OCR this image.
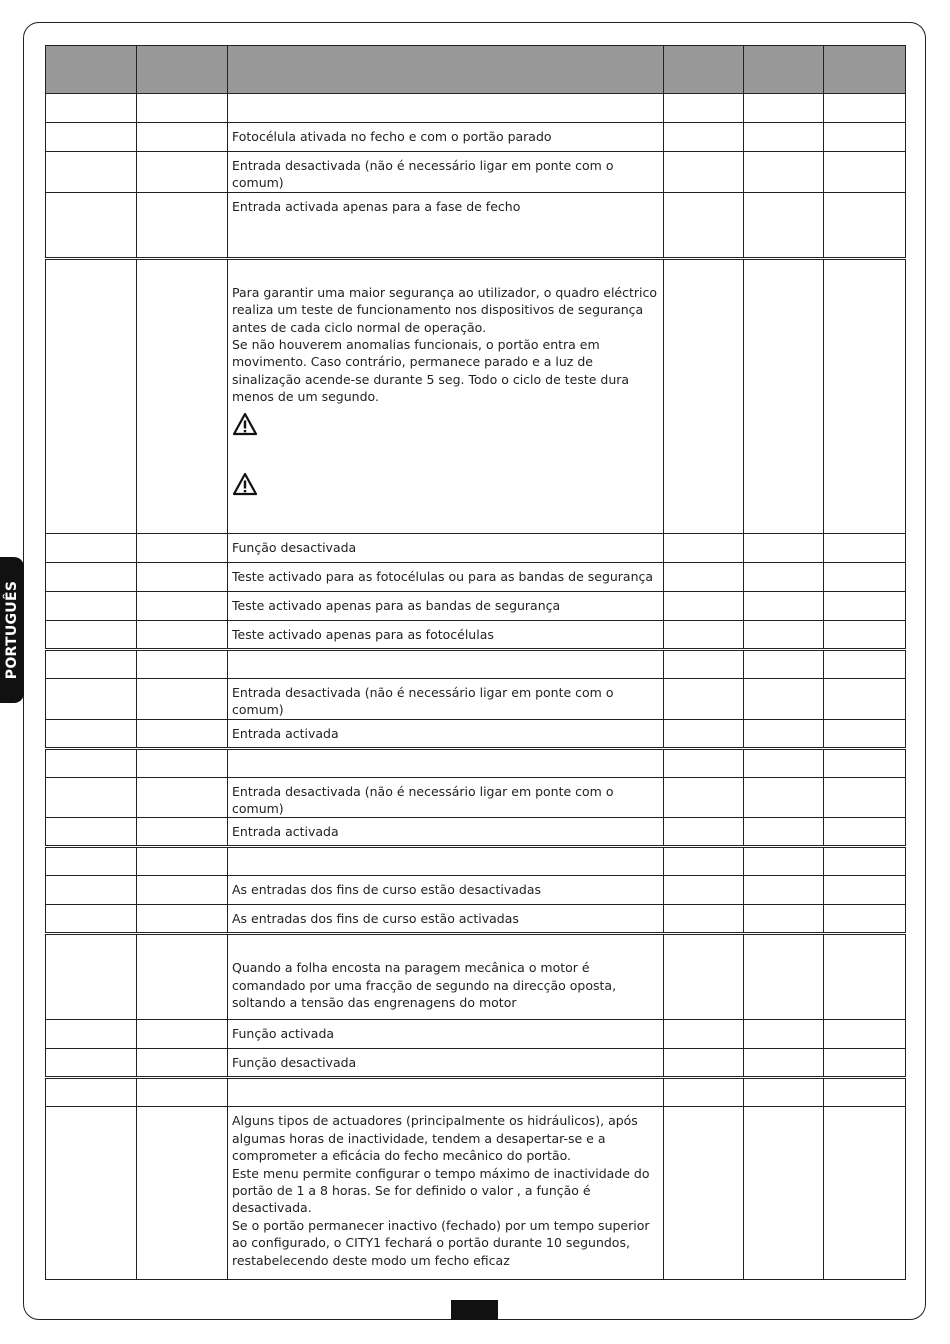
PORTUGUÊS

		Fotocélula ativada no fecho e com o portão parado			
		Entrada desactivada (não é necessário ligar em ponte com o comum)			
		Entrada activada apenas para a fase de fecho			

		Para garantir uma maior segurança ao utilizador, o quadro eléctrico realiza um teste de funcionamento nos dispositivos de segurança antes de cada ciclo normal de operação.
Se não houverem anomalias funcionais, o portão entra em movimento. Caso contrário, permanece parado e a luz de sinalização acende-se durante 5 seg. Todo o ciclo de teste dura menos de um segundo.			

		Função desactivada			
		Teste activado para as fotocélulas ou para as bandas de segurança			
		Teste activado apenas para as bandas de segurança			
		Teste activado apenas para as fotocélulas			

		Entrada desactivada (não é necessário ligar em ponte com o comum)			
		Entrada activada			

		Entrada desactivada (não é necessário ligar em ponte com o comum)			
		Entrada activada			

		As entradas dos fins de curso estão desactivadas			
		As entradas dos fins de curso estão activadas			
		Quando a folha encosta na paragem mecânica o motor é comandado por uma fracção de segundo na direcção oposta, soltando a tensão das engrenagens do motor			
		Função activada			
		Função desactivada			

		Alguns tipos de actuadores (principalmente os hidráulicos), após algumas horas de inactividade, tendem a desapertar-se e a comprometer a eficácia do fecho mecânico do portão.
Este menu permite configurar o tempo máximo de inactividade do portão de 1 a 8 horas. Se for definido o valor , a função é desactivada.
Se o portão permanecer inactivo (fechado) por um tempo superior ao configurado, o CITY1 fechará o portão durante 10 segundos, restabelecendo deste modo um fecho eficaz			
